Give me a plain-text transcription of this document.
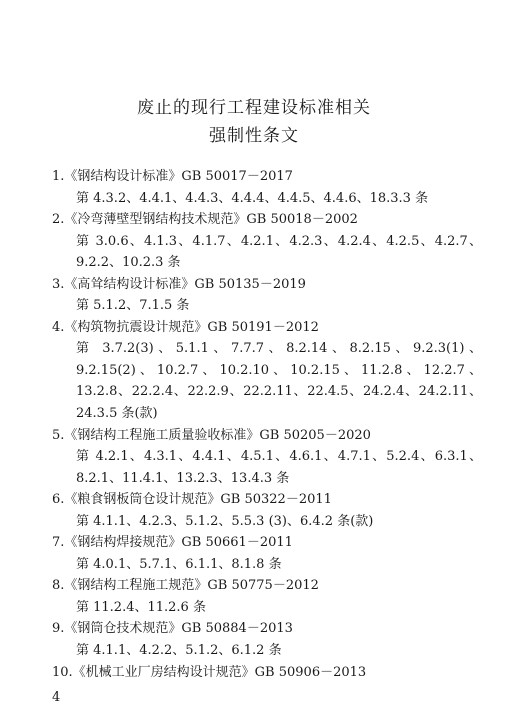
废止的现行工程建设标准相关
强制性条文
1.《钢结构设计标准》GB 50017－2017
第 4.3.2、4.4.1、4.4.3、4.4.4、4.4.5、4.4.6、18.3.3 条
2.《冷弯薄壁型钢结构技术规范》GB 50018－2002
第 3.0.6、4.1.3、4.1.7、4.2.1、4.2.3、4.2.4、4.2.5、4.2.7、9.2.2、10.2.3 条
3.《高耸结构设计标准》GB 50135－2019
第 5.1.2、7.1.5 条
4.《构筑物抗震设计规范》GB 50191－2012
第 3.7.2(3)、5.1.1、7.7.7、8.2.14、8.2.15、9.2.3(1)、9.2.15(2)、10.2.7、10.2.10、10.2.15、11.2.8、12.2.7、13.2.8、22.2.4、22.2.9、22.2.11、22.4.5、24.2.4、24.2.11、24.3.5 条(款)
5.《钢结构工程施工质量验收标准》GB 50205－2020
第 4.2.1、4.3.1、4.4.1、4.5.1、4.6.1、4.7.1、5.2.4、6.3.1、8.2.1、11.4.1、13.2.3、13.4.3 条
6.《粮食钢板筒仓设计规范》GB 50322－2011
第 4.1.1、4.2.3、5.1.2、5.5.3 (3)、6.4.2 条(款)
7.《钢结构焊接规范》GB 50661－2011
第 4.0.1、5.7.1、6.1.1、8.1.8 条
8.《钢结构工程施工规范》GB 50775－2012
第 11.2.4、11.2.6 条
9.《钢筒仓技术规范》GB 50884－2013
第 4.1.1、4.2.2、5.1.2、6.1.2 条
10.《机械工业厂房结构设计规范》GB 50906－2013
4
